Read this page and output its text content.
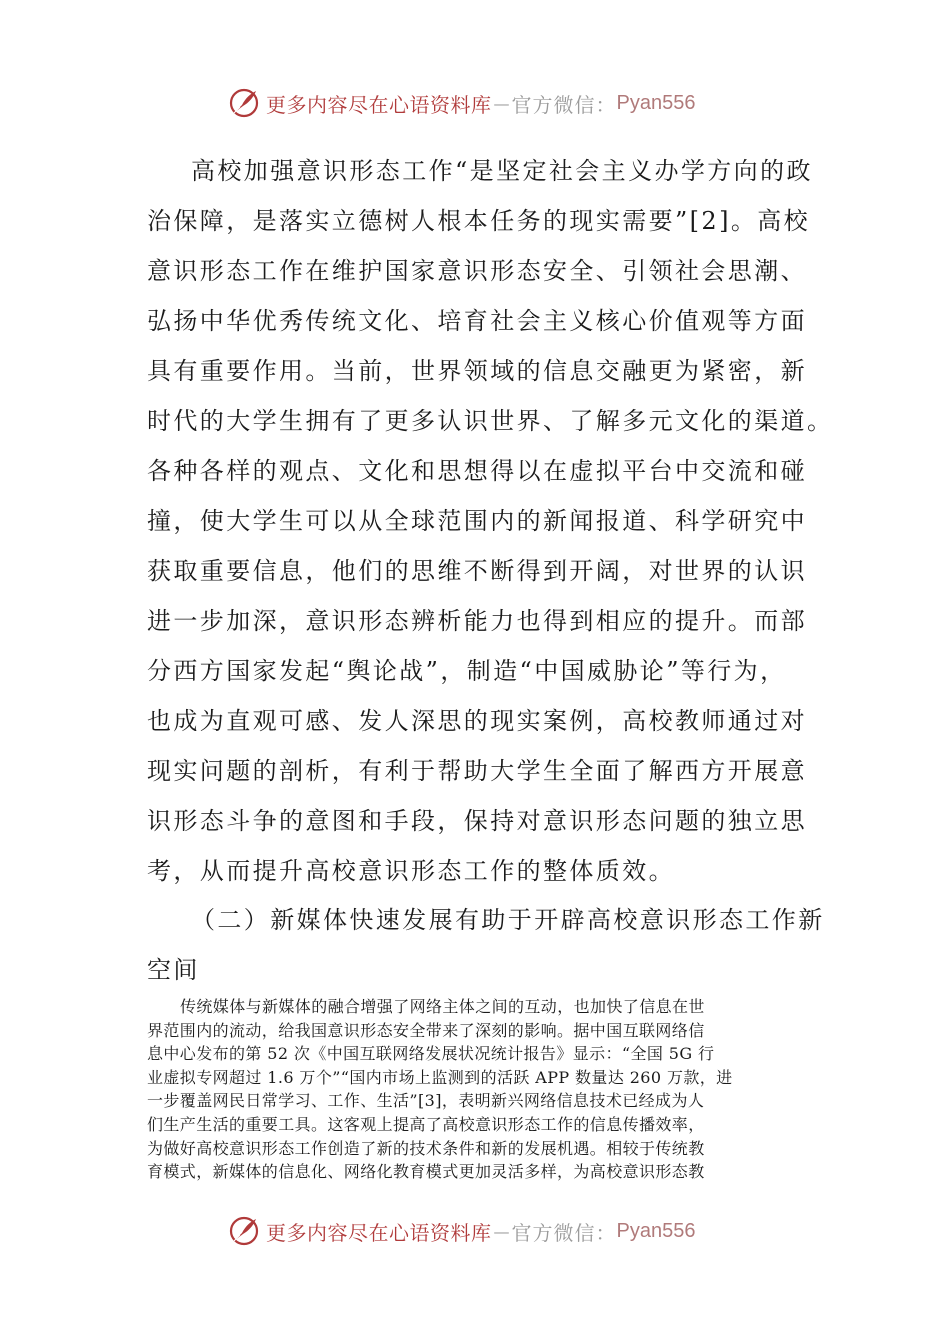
更多内容尽在心语资料库 — 官方微信： Pyan556
高校加强意识形态工作“是坚定社会主义办学方向的政
治保障，是落实立德树人根本任务的现实需要”[2]。高校
意识形态工作在维护国家意识形态安全、引领社会思潮、
弘扬中华优秀传统文化、培育社会主义核心价值观等方面
具有重要作用。当前，世界领域的信息交融更为紧密，新
时代的大学生拥有了更多认识世界、了解多元文化的渠道。
各种各样的观点、文化和思想得以在虚拟平台中交流和碰
撞，使大学生可以从全球范围内的新闻报道、科学研究中
获取重要信息，他们的思维不断得到开阔，对世界的认识
进一步加深，意识形态辨析能力也得到相应的提升。而部
分西方国家发起“舆论战”，制造“中国威胁论”等行为，
也成为直观可感、发人深思的现实案例，高校教师通过对
现实问题的剖析，有利于帮助大学生全面了解西方开展意
识形态斗争的意图和手段，保持对意识形态问题的独立思
考，从而提升高校意识形态工作的整体质效。
（二）新媒体快速发展有助于开辟高校意识形态工作新
空间
传统媒体与新媒体的融合增强了网络主体之间的互动，也加快了信息在世
界范围内的流动，给我国意识形态安全带来了深刻的影响。据中国互联网络信
息中心发布的第 52 次《中国互联网络发展状况统计报告》显示：“全国 5G 行
业虚拟专网超过 1.6 万个”“国内市场上监测到的活跃 APP 数量达 260 万款，进
一步覆盖网民日常学习、工作、生活”[3]，表明新兴网络信息技术已经成为人
们生产生活的重要工具。这客观上提高了高校意识形态工作的信息传播效率，
为做好高校意识形态工作创造了新的技术条件和新的发展机遇。相较于传统教
育模式，新媒体的信息化、网络化教育模式更加灵活多样，为高校意识形态教
更多内容尽在心语资料库 — 官方微信： Pyan556
